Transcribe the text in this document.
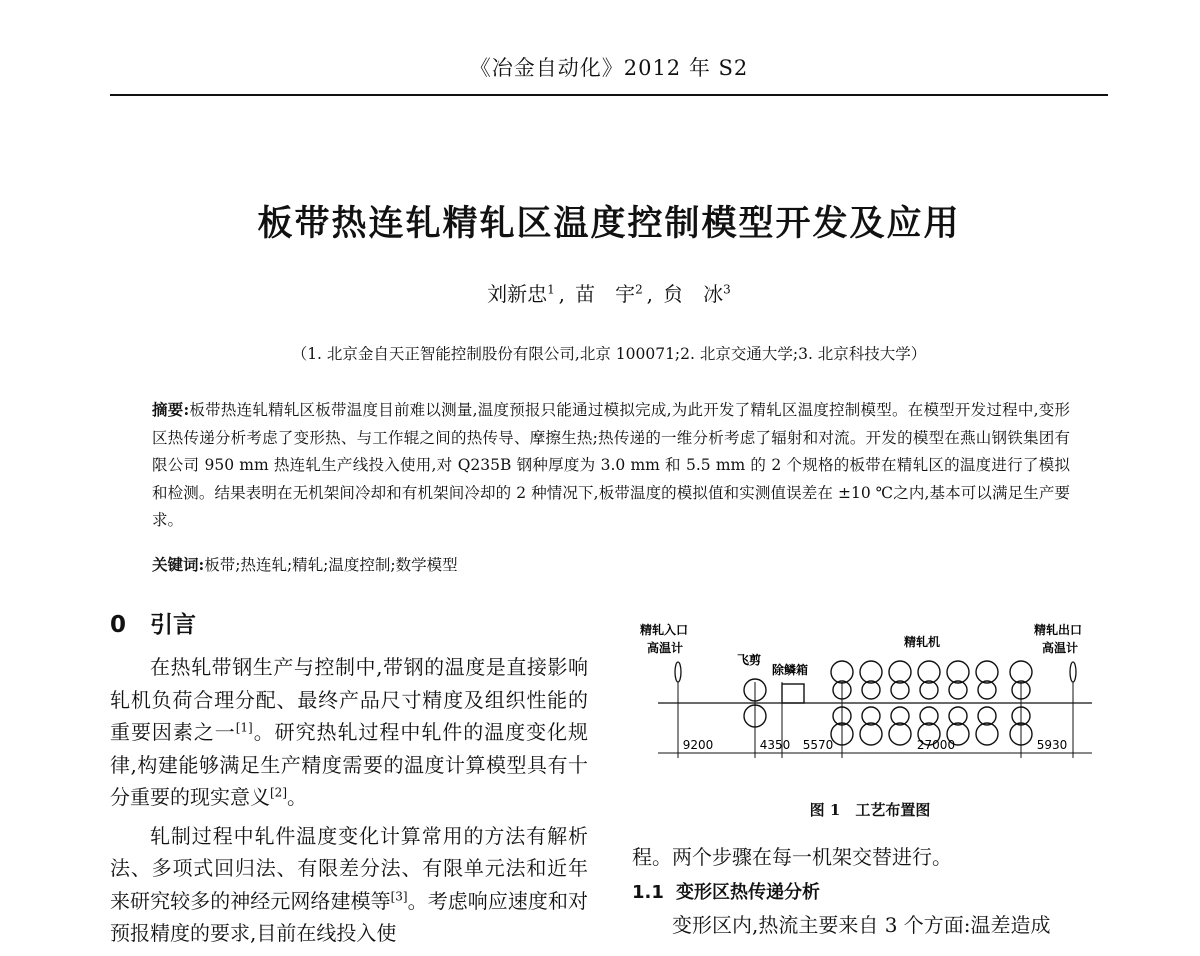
《冶金自动化》2012 年 S2
板带热连轧精轧区温度控制模型开发及应用
刘新忠$^1$ , 苗　宇$^2$ , 贠　冰$^3$
（1. 北京金自天正智能控制股份有限公司,北京 100071;2. 北京交通大学;3. 北京科技大学）
摘要:板带热连轧精轧区板带温度目前难以测量,温度预报只能通过模拟完成,为此开发了精轧区温度控制模型。在模型开发过程中,变形区热传递分析考虑了变形热、与工作辊之间的热传导、摩擦生热;热传递的一维分析考虑了辐射和对流。开发的模型在燕山钢铁集团有限公司 950 mm 热连轧生产线投入使用,对 Q235B 钢种厚度为 3.0 mm 和 5.5 mm 的 2 个规格的板带在精轧区的温度进行了模拟和检测。结果表明在无机架间冷却和有机架间冷却的 2 种情况下,板带温度的模拟值和实测值误差在 ±10 ℃之内,基本可以满足生产要求。
关键词:板带;热连轧;精轧;温度控制;数学模型
0 引言

在热轧带钢生产与控制中,带钢的温度是直接影响轧机负荷合理分配、最终产品尺寸精度及组织性能的重要因素之一[1]。研究热轧过程中轧件的温度变化规律,构建能够满足生产精度需要的温度计算模型具有十分重要的现实意义[2]。

轧制过程中轧件温度变化计算常用的方法有解析法、多项式回归法、有限差分法、有限单元法和近年来研究较多的神经元网络建模等[3]。考虑响应速度和对预报精度的要求,目前在线投入使

精轧入口
高温计
飞剪
除鳞箱
精轧机
精轧出口
高温计
9200	4350 5570	27000	5930
图 1　工艺布置图
程。两个步骤在每一机架交替进行。
1.1 变形区热传递分析
变形区内,热流主要来自 3 个方面:温差造成
